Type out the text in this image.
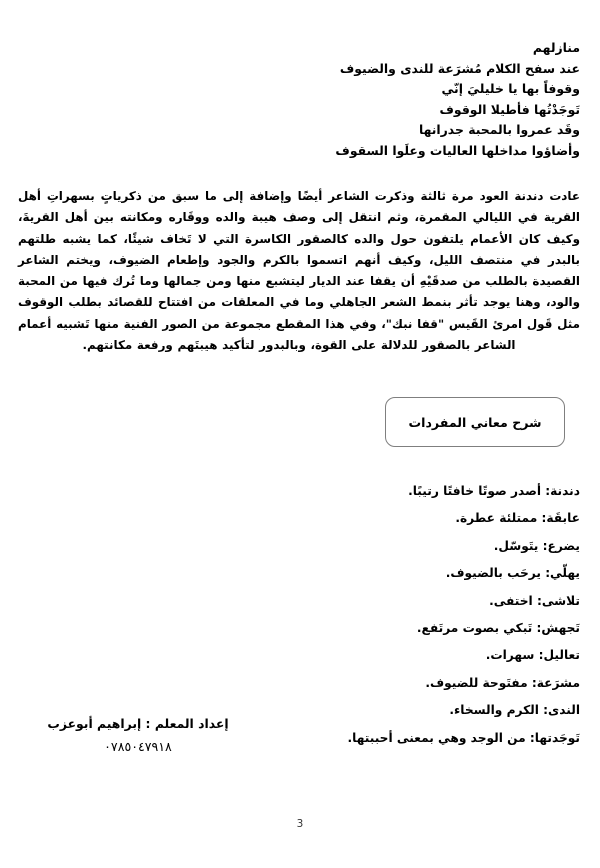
منازلهم
عند سفح الكلام مُشرَعة للندى والضيوف
وقوفاً بها يا خليليَ إنّي
تَوجَدْتُها فأطيلا الوقوف
وقَد عمروا بالمحبة جدرانها
وأضاؤوا مداخلها العاليات وعلَوا السقوف
عادت دندنة العود مرة ثالثة وذكرت الشاعر أيضًا وإضافة إلى ما سبق من ذكرياتٍ بسهراتِ أهل القرية في الليالي المقمرة، وثم انتقل إلى وصف هيبة والده ووقَاره ومكانته بين أهل القريةَ، وكيف كان الأعمام يلتفون حول والده كالصقور الكاسرة التي لا تَخاف شيئًا، كما يشبه طلتهم بالبدر في منتصف الليل، وكيف أنهم اتسموا بالكرم والجود وإطعام الضيوف، ويختم الشاعر القصيدة بالطلب من صدقَيْهِ أن يقفا عند الديار ليتشبع منها ومن جمالها وما تُرك فيها من المحبة والود، وهنا يوجد تأثر بنمط الشعر الجاهلي وما في المعلقات من افتتاح للقصائد بطلب الوقوف مثل قَول امرئ القَيس "قفا نبك"، وفي هذا المقطع مجموعة من الصور الفنية منها تَشبيه أعمام الشاعر بالصقور للدلالة على القوة، وبالبدور لتأكيد هيبتَهم ورفعة مكانتهم.
شرح معاني المفردات
دندنة: أصدر صوتًا خافتًا رتيبًا.
عابقَة: ممتلئة عطرة.
يضرع: يتَوسّل.
يهلّي: يرحَب بالضيوف.
تلاشى: اختفى.
تَجهش: تَبكي بصوت مرتَفع.
تعاليل: سهرات.
مشرَعة: مفتَوحة للضيوف.
الندى: الكرم والسخاء.
تَوجَدتها: من الوجد وهي بمعنى أحببتها.
إعداد المعلم : إبراهيم أبوعزب
٠٧٨٥٠٤٧٩١٨
3
